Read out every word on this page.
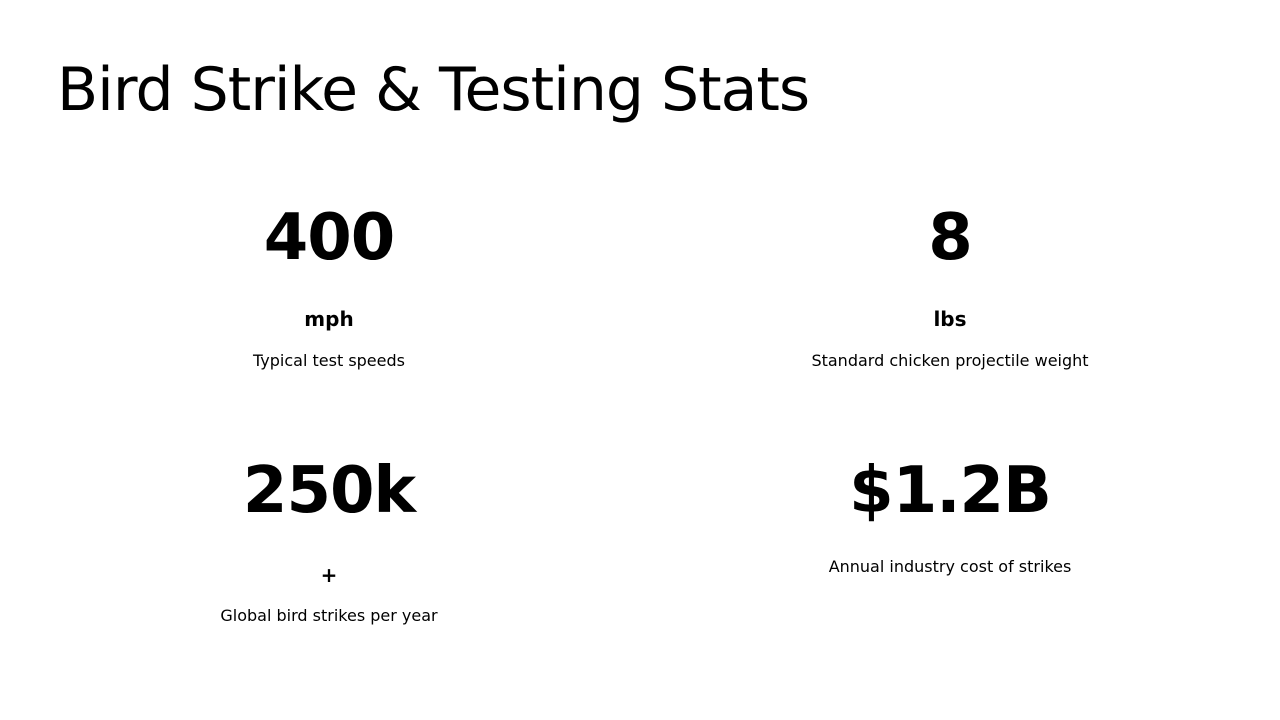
Bird Strike & Testing Stats
400
mph
Typical test speeds
8
lbs
Standard chicken projectile weight
250k
+
Global bird strikes per year
$1.2B
Annual industry cost of strikes
